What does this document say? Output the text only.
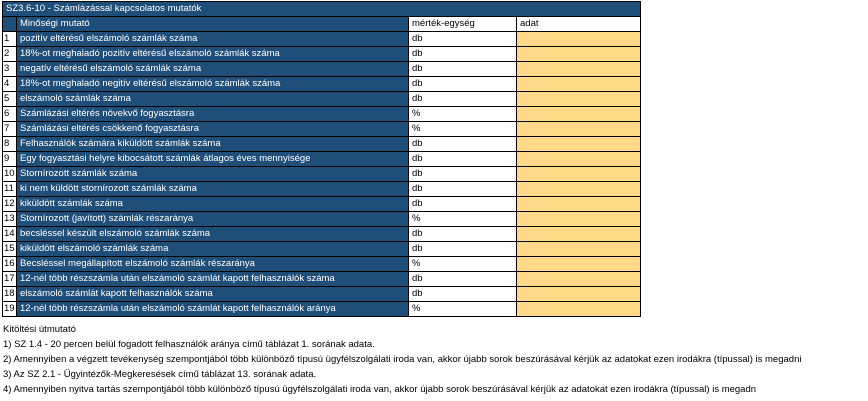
SZ3.6-10 - Számlázással kapcsolatos mutatók			
	Minőségi mutató	mérték-egység	adat
1	pozitív eltérésű elszámoló számlák száma	db	
2	18%-ot meghaladó pozitív eltérésű elszámoló számlák száma	db	
3	negatív eltérésű elszámoló számlák száma	db	
4	18%-ot meghaladó negitív eltérésű elszámoló számlák száma	db	
5	elszámoló számlák száma	db	
6	Számlázási eltérés növekvő fogyasztásra	%	
7	Számlázási eltérés csökkenő fogyasztásra	%	
8	Felhasználók számára kiküldött számlák száma	db	
9	Egy fogyasztási helyre kibocsátott számlák átlagos éves mennyisége	db	
10	Stornírozott számlák száma	db	
11	ki nem küldött stornírozott számlák száma	db	
12	kiküldött számlák száma	db	
13	Stornírozott (javított) számlák részaránya	%	
14	becsléssel készült elszámoló számlák száma	db	
15	kiküldött elszámoló számlák száma	db	
16	Becsléssel megállapított elszámoló számlák részaránya	%	
17	12-nél több részszámla után elszámoló számlát kapott felhasználók száma	db	
18	elszámoló számlát kapott felhasználók száma	db	
19	12-nél több részszámla után elszámoló számlát kapott felhasználók aránya	%	
Kitöltési útmutató
1) SZ 1.4 - 20 percen belül fogadott felhasználók aránya című táblázat 1. sorának adata.
2) Amennyiben a végzett tevékenység szempontjából több különböző típusú ügyfélszolgálati iroda van, akkor újabb sorok beszúrásával kérjük az adatokat ezen irodákra (típussal) is megadni
3) Az SZ 2.1 - Ügyintézők-Megkeresések című táblázat 13. sorának adata.
4) Amennyiben nyitva tartás szempontjából több különböző típusú ügyfélszolgálati iroda van, akkor újabb sorok beszúrásával kérjük az adatokat ezen irodákra (típussal) is megadn
